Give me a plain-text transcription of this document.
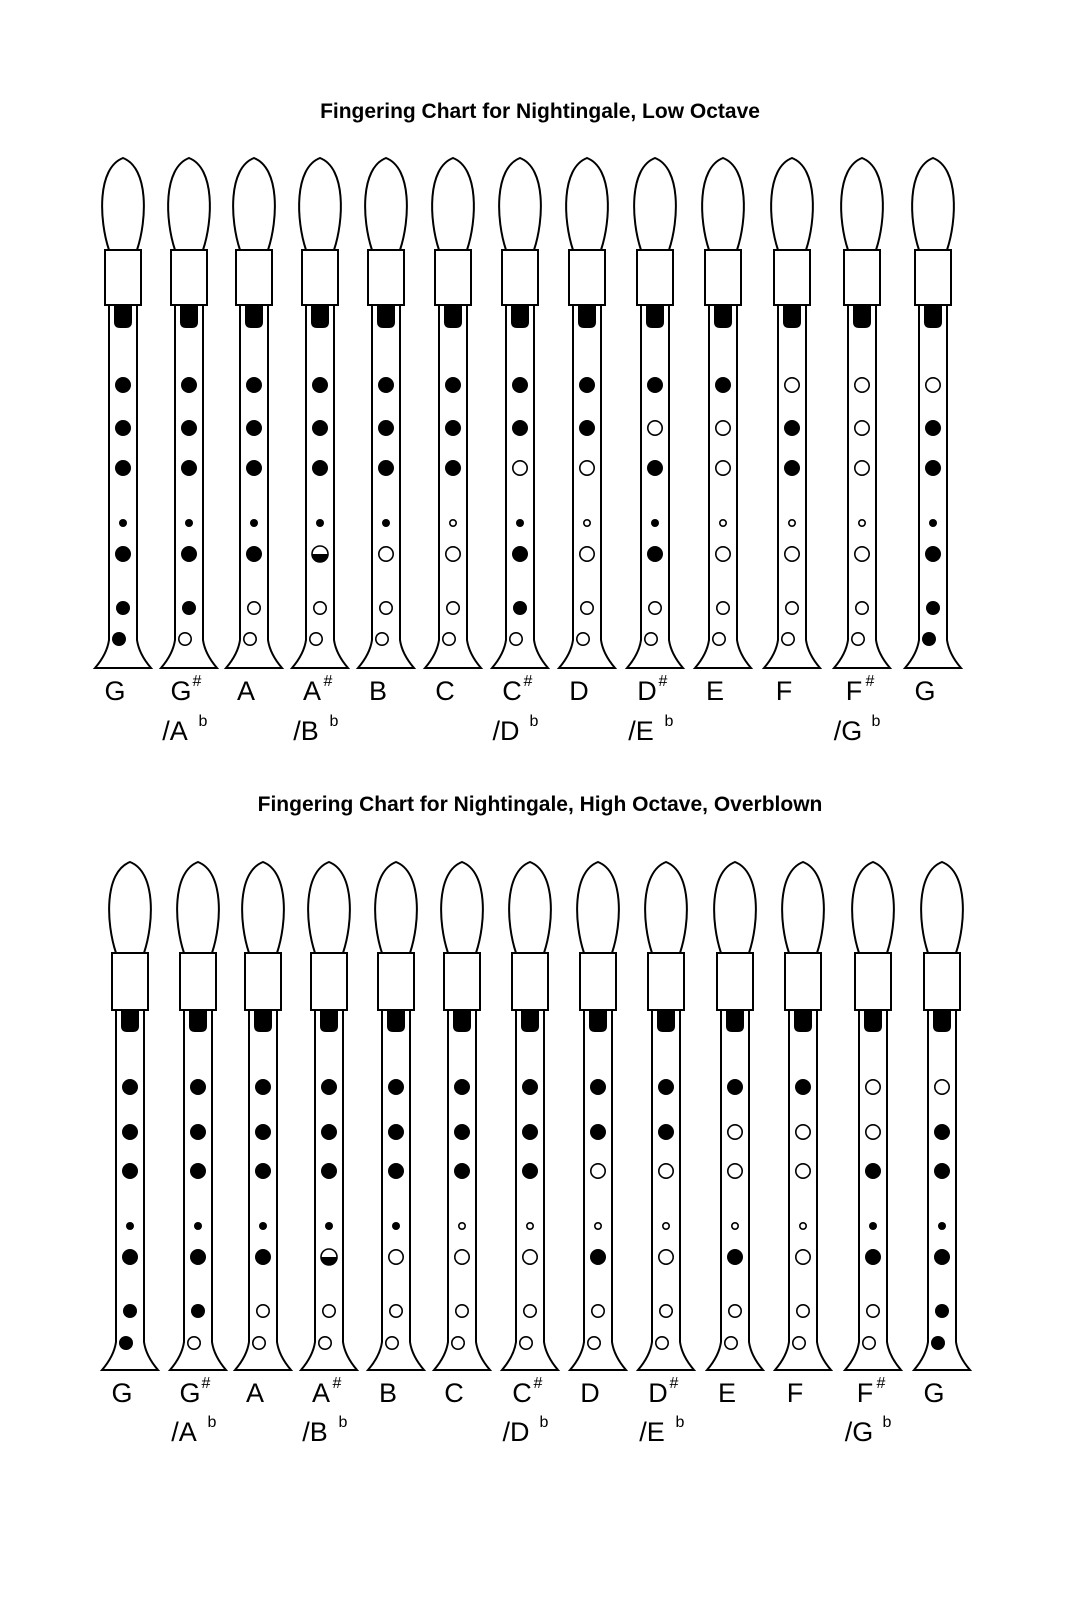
Fingering Chart for Nightingale, Low Octave
G G #
/A b
A A #
/B b
B C C #
/D b
D D #
/E b
E F F #
/G b
G
Fingering Chart for Nightingale, High Octave, Overblown
G G #
/A b
A A #
/B b
B C C #
/D b
D D #
/E b
E F F #
/G b
G
